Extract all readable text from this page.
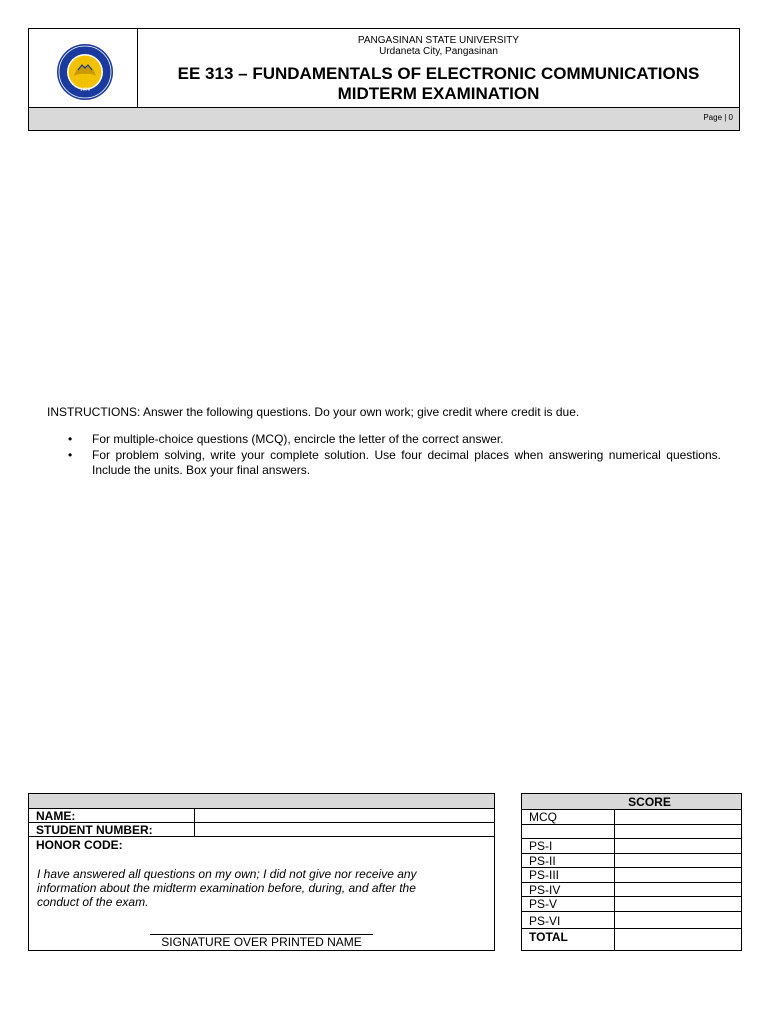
1979
PANGASINAN STATE UNIVERSITY
Urdaneta City, Pangasinan
EE 313 – FUNDAMENTALS OF ELECTRONIC COMMUNICATIONS
MIDTERM EXAMINATION
Page | 0
INSTRUCTIONS: Answer the following questions. Do your own work; give credit where credit is due.
• For multiple-choice questions (MCQ), encircle the letter of the correct answer.
• For problem solving, write your complete solution. Use four decimal places when answering numerical questions. Include the units. Box your final answers.
NAME:
STUDENT NUMBER:
HONOR CODE:
I have answered all questions on my own; I did not give nor receive any information about the midterm examination before, during, and after the conduct of the exam.
SIGNATURE OVER PRINTED NAME
SCORE
MCQ
PS-I
PS-II
PS-III
PS-IV
PS-V
PS-VI
TOTAL
